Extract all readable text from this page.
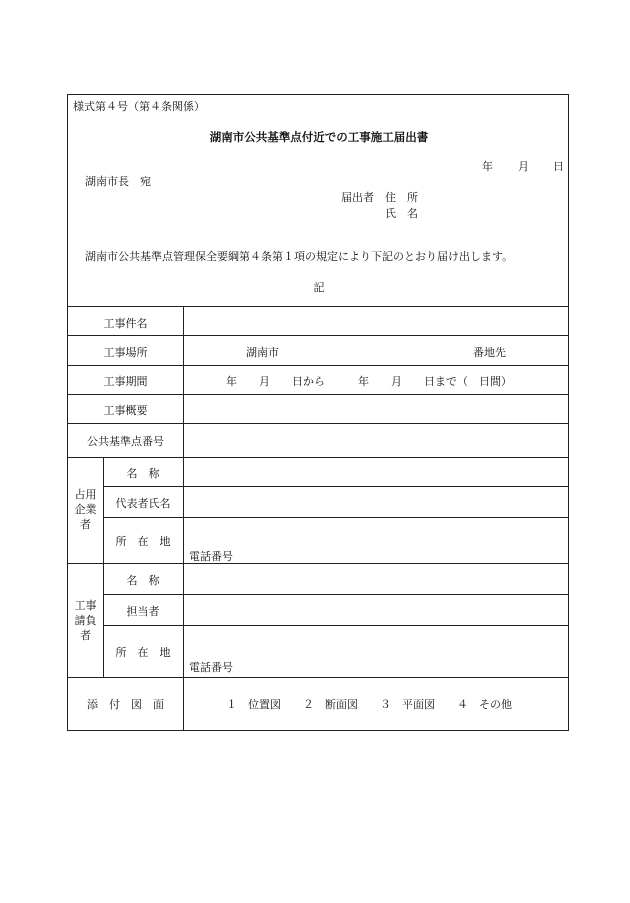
様式第４号（第４条関係）
湖南市公共基準点付近での工事施工届出書
年 月 日
湖南市長　宛
届出者 住　所
氏　名
湖南市公共基準点管理保全要綱第４条第１項の規定により下記のとおり届け出します。
記
工事件名
工事場所	湖南市	番地先
工事期間	年　　月　　日から　　　年　　月　　日まで（　日間）
工事概要
公共基準点番号
占用企業者
名　称
代表者氏名
所　在　地
電話番号
工事請負者
名　称
担当者
所　在　地
電話番号
添　付　図　面	１　位置図　　２　断面図　　３　平面図　　４　その他
